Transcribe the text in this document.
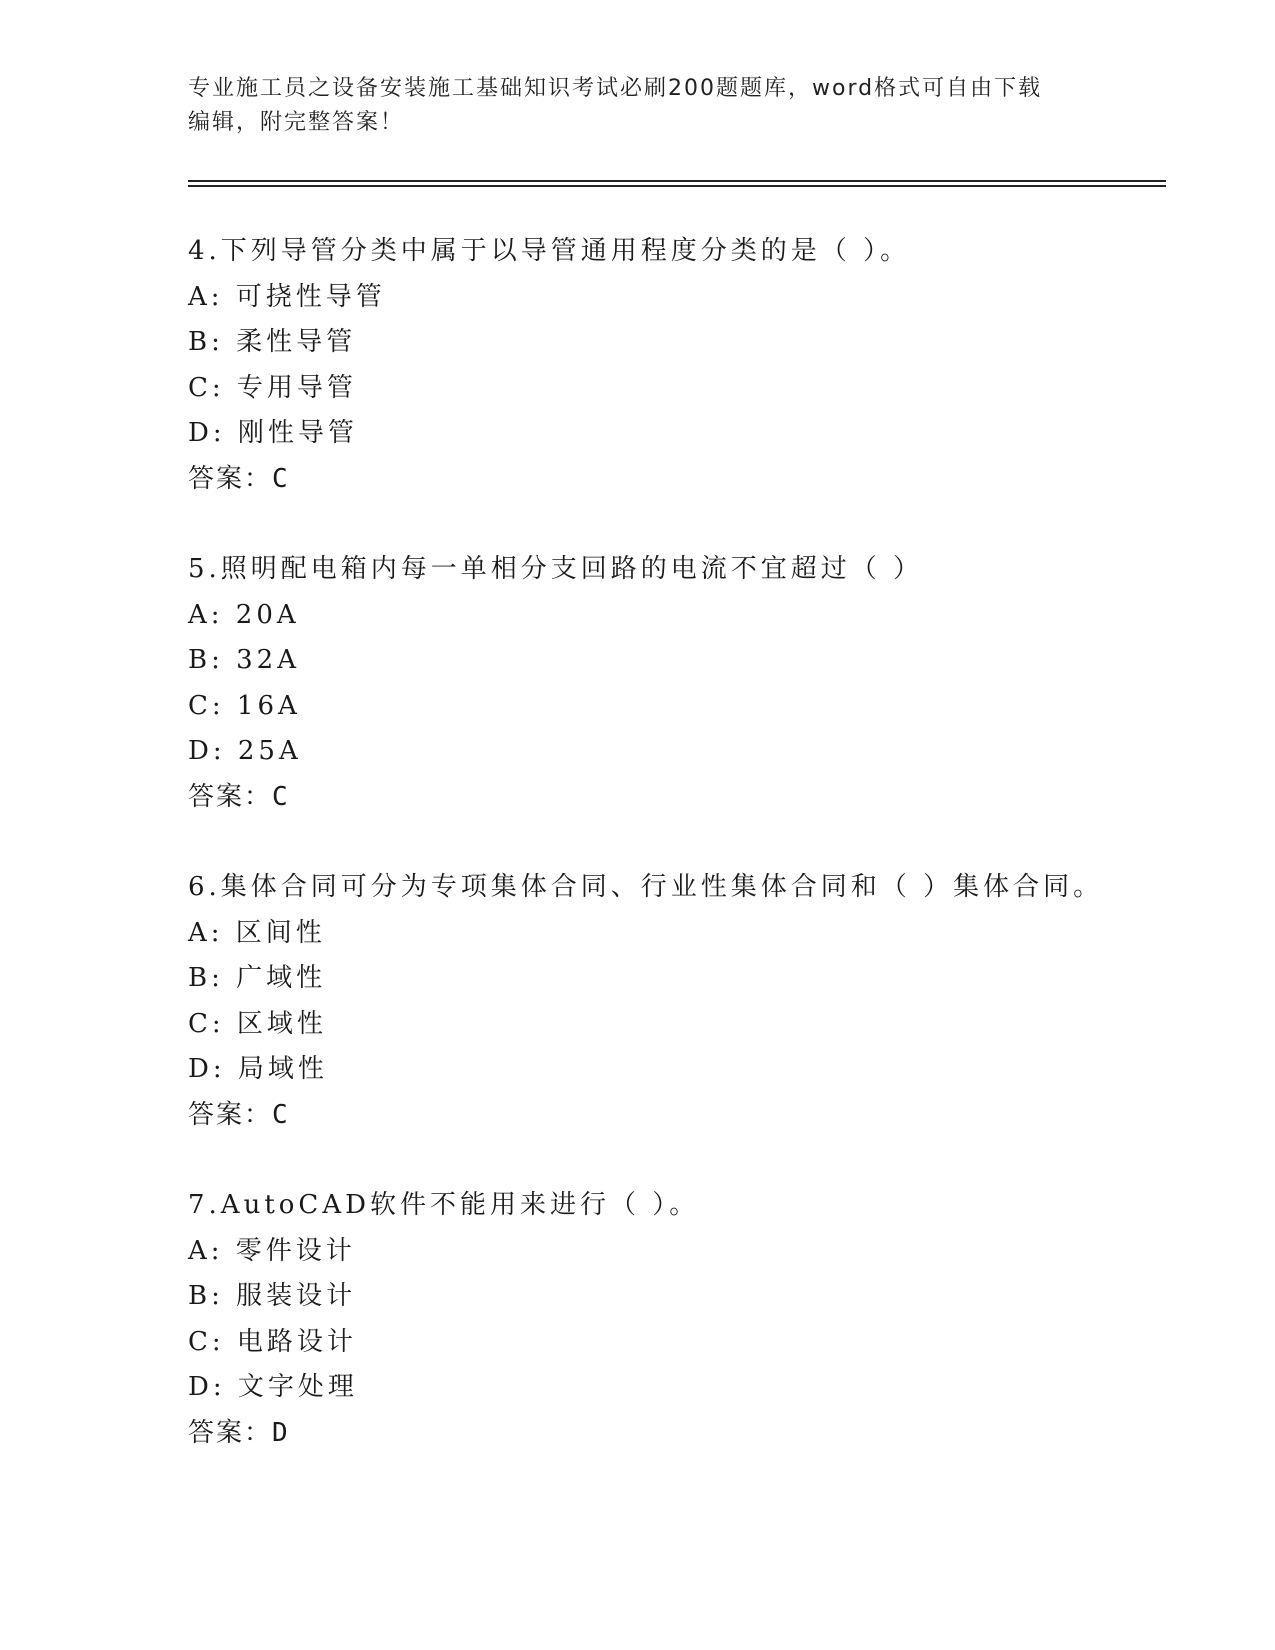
专业施工员之设备安装施工基础知识考试必刷200题题库，word格式可自由下载
编辑，附完整答案！
4.下列导管分类中属于以导管通用程度分类的是（ ）。
A: 可挠性导管
B: 柔性导管
C: 专用导管
D: 刚性导管
答案：C
5.照明配电箱内每一单相分支回路的电流不宜超过（ ）
A: 20A
B: 32A
C: 16A
D: 25A
答案：C
6.集体合同可分为专项集体合同、行业性集体合同和（ ）集体合同。
A: 区间性
B: 广域性
C: 区域性
D: 局域性
答案：C
7.AutoCAD软件不能用来进行（ ）。
A: 零件设计
B: 服装设计
C: 电路设计
D: 文字处理
答案：D
